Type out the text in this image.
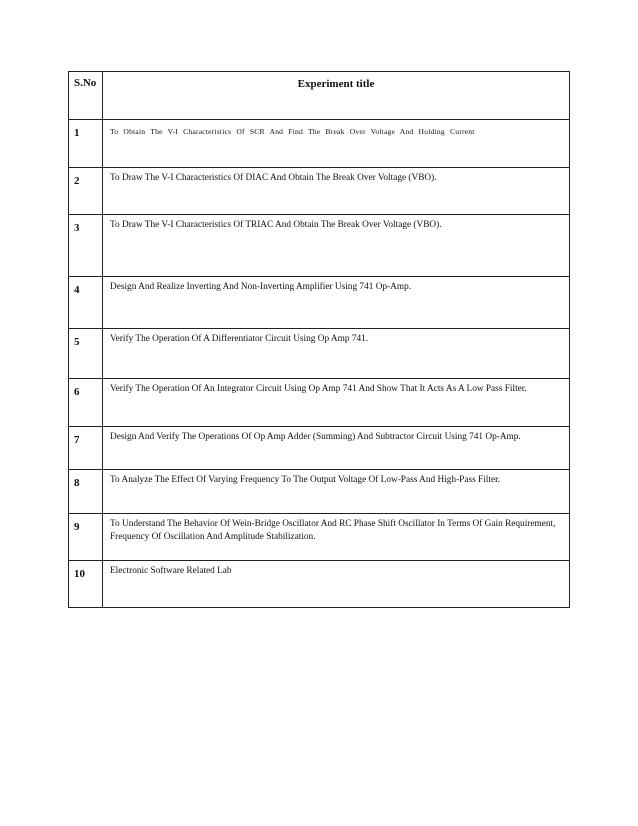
S.No	Experiment title
1	To Obtain The V-I Characteristics Of SCR And Find The Break Over Voltage And Holding Current
2	To Draw The V-I Characteristics Of DIAC And Obtain The Break Over Voltage (VBO).
3	To Draw The V-I Characteristics Of TRIAC And Obtain The Break Over Voltage (VBO).
4	Design And Realize Inverting And Non-Inverting Amplifier Using 741 Op-Amp.
5	Verify The Operation Of A Differentiator Circuit Using Op Amp 741.
6	Verify The Operation Of An Integrator Circuit Using Op Amp 741 And Show That It Acts As A Low Pass Filter.
7	Design And Verify The Operations Of Op Amp Adder (Summing) And Subtractor Circuit Using 741 Op-Amp.
8	To Analyze The Effect Of Varying Frequency To The Output Voltage Of Low-Pass And High-Pass Filter.
9	To Understand The Behavior Of Wein-Bridge Oscillator And RC Phase Shift Oscillator In Terms Of Gain Requirement, Frequency Of Oscillation And Amplitude Stabilization.
10	Electronic Software Related Lab
